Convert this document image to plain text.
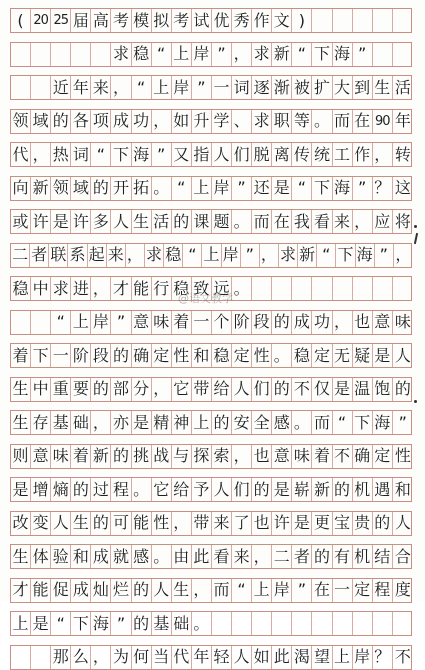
( 20 25 届 高 考 模 拟 考 试 优 秀 作 文 )
求 稳 “ 上 岸 ” ， 求 新 “ 下 海 ”
近 年 来 ， “ 上 岸 ” 一 词 逐 渐 被 扩 大 到 生 活
领 域 的 各 项 成 功 ， 如 升 学 、 求 职 等 。 而 在 90 年
代 ， 热 词 “ 下 海 ” 又 指 人 们 脱 离 传 统 工 作 ， 转
向 新 领 域 的 开 拓 。 “ 上 岸 ” 还 是 “ 下 海 ” ？ 这
或 许 是 许 多 人 生 活 的 课 题 。 而 在 我 看 来 ， 应 将
二 者 联 系 起 来 ， 求 稳 “ 上 岸 ” ， 求 新 “ 下 海 ” ，
稳 中 求 进 ， 才 能 行 稳 致 远 。
“ 上 岸 ” 意 味 着 一 个 阶 段 的 成 功 ， 也 意 味
着 下 一 阶 段 的 确 定 性 和 稳 定 性 。 稳 定 无 疑 是 人
生 中 重 要 的 部 分 ， 它 带 给 人 们 的 不 仅 是 温 饱 的
生 存 基 础 ， 亦 是 精 神 上 的 安 全 感 。 而 “ 下 海 ”
则 意 味 着 新 的 挑 战 与 探 索 ， 也 意 味 着 不 确 定 性
是 增 熵 的 过 程 。 它 给 予 人 们 的 是 崭 新 的 机 遇 和
改 变 人 生 的 可 能 性 ， 带 来 了 也 许 是 更 宝 贵 的 人
生 体 验 和 成 就 感 。 由 此 看 来 ， 二 者 的 有 机 结 合
才 能 促 成 灿 烂 的 人 生 ， 而 “ 上 岸 ” 在 一 定 程 度
上 是 “ 下 海 ” 的 基 础 。
那 么 ， 为 何 当 代 年 轻 人 如 此 渴 望 上 岸 ？ 不
@语文教学
